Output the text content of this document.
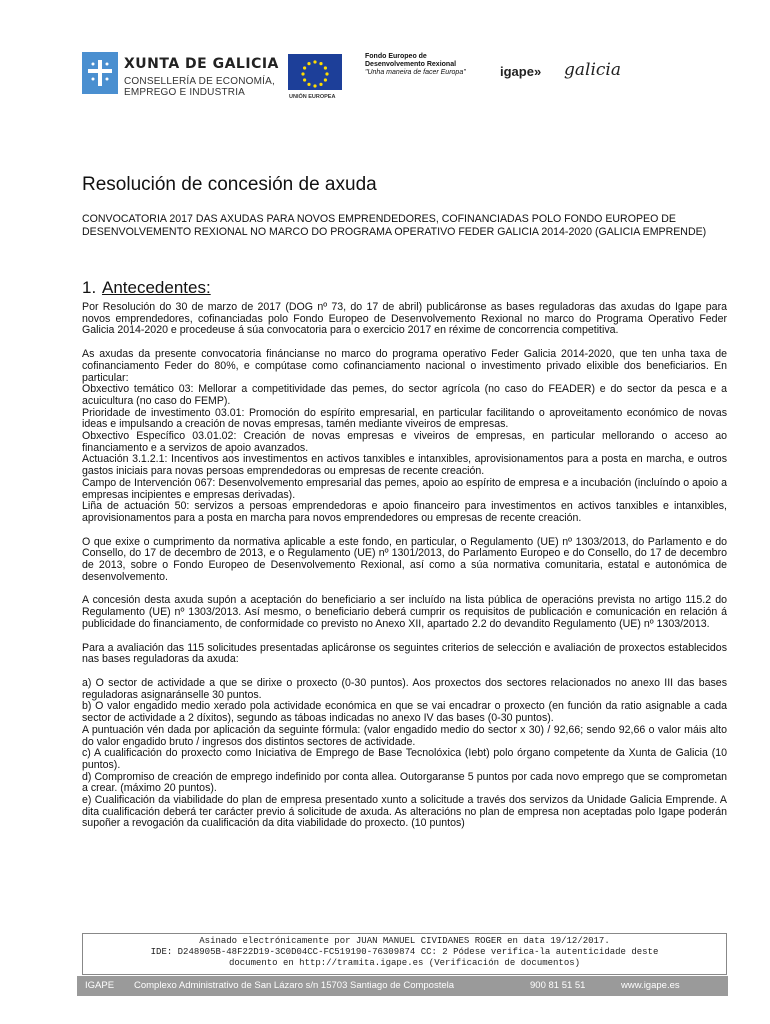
XUNTA DE GALICIA
CONSELLERÍA DE ECONOMÍA,
EMPREGO E INDUSTRIA	UNIÓN EUROPEA
Fondo Europeo de
Desenvolvemento Rexional
"Unha maneira de facer Europa"	igape» galicia
Resolución de concesión de axuda
CONVOCATORIA 2017 DAS AXUDAS PARA NOVOS EMPRENDEDORES, COFINANCIADAS POLO FONDO EUROPEO DE DESENVOLVEMENTO REXIONAL NO MARCO DO PROGRAMA OPERATIVO FEDER GALICIA 2014-2020 (GALICIA EMPRENDE)
1. Antecedentes:

Por Resolución do 30 de marzo de 2017 (DOG nº 73, do 17 de abril) publicáronse as bases reguladoras das axudas do Igape para novos emprendedores, cofinanciadas polo Fondo Europeo de Desenvolvemento Rexional no marco do Programa Operativo Feder Galicia 2014-2020 e procedeuse á súa convocatoria para o exercicio 2017 en réxime de concorrencia competitiva.

As axudas da presente convocatoria fináncianse no marco do programa operativo Feder Galicia 2014-2020, que ten unha taxa de cofinanciamento Feder do 80%, e compútase como cofinanciamento nacional o investimento privado elixible dos beneficiarios. En particular:

Obxectivo temático 03: Mellorar a competitividade das pemes, do sector agrícola (no caso do FEADER) e do sector da pesca e a acuicultura (no caso do FEMP).

Prioridade de investimento 03.01: Promoción do espírito empresarial, en particular facilitando o aproveitamento económico de novas ideas e impulsando a creación de novas empresas, tamén mediante viveiros de empresas.

Obxectivo Específico 03.01.02: Creación de novas empresas e viveiros de empresas, en particular mellorando o acceso ao financiamento e a servizos de apoio avanzados.

Actuación 3.1.2.1: Incentivos aos investimentos en activos tanxibles e intanxibles, aprovisionamentos para a posta en marcha, e outros gastos iniciais para novas persoas emprendedoras ou empresas de recente creación.

Campo de Intervención 067: Desenvolvemento empresarial das pemes, apoio ao espírito de empresa e a incubación (incluíndo o apoio a empresas incipientes e empresas derivadas).

Liña de actuación 50: servizos a persoas emprendedoras e apoio financeiro para investimentos en activos tanxibles e intanxibles, aprovisionamentos para a posta en marcha para novos emprendedores ou empresas de recente creación.

O que exixe o cumprimento da normativa aplicable a este fondo, en particular, o Regulamento (UE) nº 1303/2013, do Parlamento e do Consello, do 17 de decembro de 2013, e o Regulamento (UE) nº 1301/2013, do Parlamento Europeo e do Consello, do 17 de decembro de 2013, sobre o Fondo Europeo de Desenvolvemento Rexional, así como a súa normativa comunitaria, estatal e autonómica de desenvolvemento.

A concesión desta axuda supón a aceptación do beneficiario a ser incluído na lista pública de operacións prevista no artigo 115.2 do Regulamento (UE) nº 1303/2013. Así mesmo, o beneficiario deberá cumprir os requisitos de publicación e comunicación en relación á publicidade do financiamento, de conformidade co previsto no Anexo XII, apartado 2.2 do devandito Regulamento (UE) nº 1303/2013.

Para a avaliación das 115 solicitudes presentadas aplicáronse os seguintes criterios de selección e avaliación de proxectos establecidos nas bases reguladoras da axuda:

a) O sector de actividade a que se dirixe o proxecto (0-30 puntos). Aos proxectos dos sectores relacionados no anexo III das bases reguladoras asignaránselle 30 puntos.

b) O valor engadido medio xerado pola actividade económica en que se vai encadrar o proxecto (en función da ratio asignable a cada sector de actividade a 2 díxitos), segundo as táboas indicadas no anexo IV das bases (0-30 puntos).

A puntuación vén dada por aplicación da seguinte fórmula: (valor engadido medio do sector x 30) / 92,66; sendo 92,66 o valor máis alto do valor engadido bruto / ingresos dos distintos sectores de actividade.

c) A cualificación do proxecto como Iniciativa de Emprego de Base Tecnolóxica (Iebt) polo órgano competente da Xunta de Galicia (10 puntos).

d) Compromiso de creación de emprego indefinido por conta allea. Outorgaranse 5 puntos por cada novo emprego que se comprometan a crear. (máximo 20 puntos).

e) Cualificación da viabilidade do plan de empresa presentado xunto a solicitude a través dos servizos da Unidade Galicia Emprende. A dita cualificación deberá ter carácter previo á solicitude de axuda. As alteracións no plan de empresa non aceptadas polo Igape poderán supoñer a revogación da cualificación da dita viabilidade do proxecto. (10 puntos)

Asinado electrónicamente por JUAN MANUEL CIVIDANES ROGER en data 19/12/2017.
IDE: D248905B-48F22D19-3C0D04CC-FC519190-76309874 CC: 2 Pódese verifica-la autenticidade deste
documento en http://tramita.igape.es (Verificación de documentos)
IGAPE Complexo Administrativo de San Lázaro s/n 15703 Santiago de Compostela	900 81 51 51	www.igape.es
